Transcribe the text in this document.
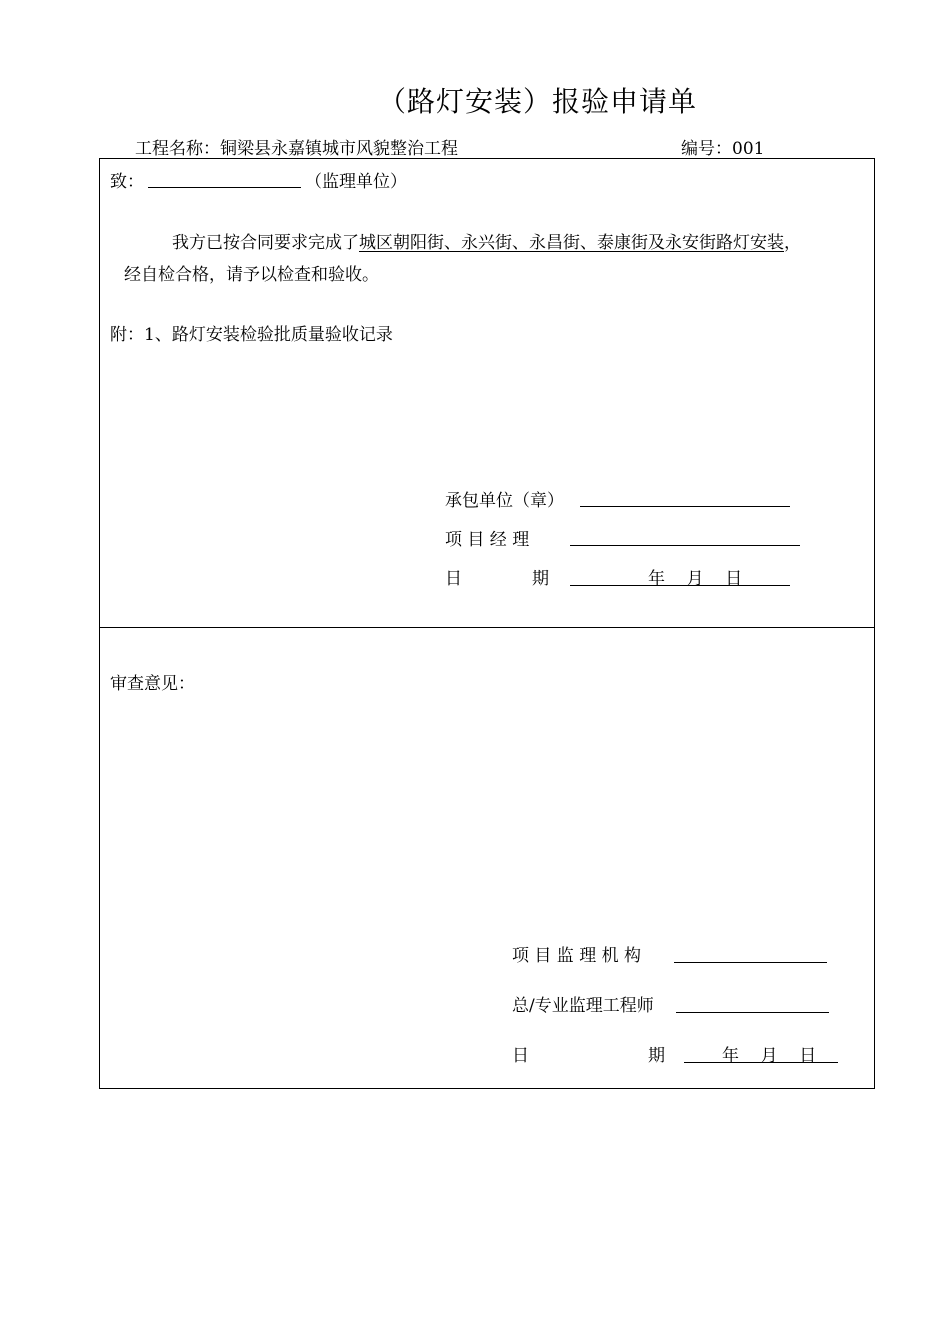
（路灯安装）报验申请单
工程名称：铜梁县永嘉镇城市风貌整治工程	编号：001
致：	（监理单位）
我方已按合同要求完成了城区朝阳街、永兴街、永昌街、泰康街及永安街路灯安装，
经自检合格，请予以检查和验收。
附：1、路灯安装检验批质量验收记录
承包单位（章）
项 目 经 理
日	期	年    月    日
审查意见：
项 目 监 理 机 构
总/专业监理工程师
日	期	年    月    日
